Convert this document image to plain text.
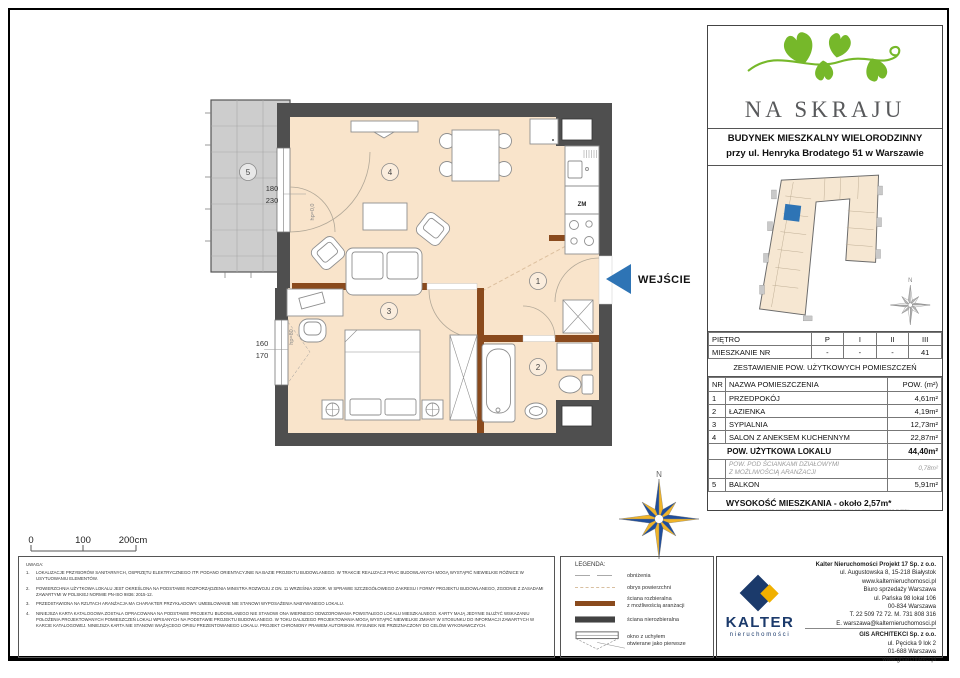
5	4
1
3
2
180
230
160
170
hp=0,0
hp=80
ZM
WEJŚCIE
N
0	100	200cm
NA SKRAJU
BUDYNEK MIESZKALNY WIELORODZINNY
przy ul. Henryka Brodatego 51 w Warszawie
N
PIĘTRO	P	I	II	III
MIESZKANIE NR	-	-	-	41
ZESTAWIENIE POW. UŻYTKOWYCH POMIESZCZEŃ
NR	NAZWA POMIESZCZENIA	POW. (m²)
1	PRZEDPOKÓJ	4,61m²
2	ŁAZIENKA	4,19m²
3	SYPIALNIA	12,73m²
4	SALON Z ANEKSEM KUCHENNYM	22,87m²
POW. UŻYTKOWA LOKALU		44,40m²

	POW. POD ŚCIANKAMI DZIAŁOWYMI
Z MOŻLIWOŚCIĄ ARANŻACJI	0,78m²
5	BALKON	5,91m²
WYSOKOŚĆ MIESZKANIA - około 2,57m*
* WYSOKOŚĆ PODANA OD NIEWYKOŃCZONEJ POSADZKI (SZLICHTY) DO OTYNKOWANEGO SUFITU
UWAGA:
1.	LOKALIZACJE PRZYBORÓW SANITARNYCH, OSPRZĘTU ELEKTRYCZNEGO ITP. PODANO ORIENTACYJNIE NA BAZIE PROJEKTU BUDOWLANEGO. W TRAKCIE REALIZACJI PRAC BUDOWLANYCH MOGĄ WYSTĄPIĆ NIEWIELKIE RÓŻNICE W USYTUOWANIU ELEMENTÓW.
2.	POWIERZCHNIA UŻYTKOWA LOKALU JEST OKREŚLONA NA PODSTAWIE ROZPORZĄDZENIA MINISTRA ROZWOJU Z DN. 11 WRZEŚNIA 2020R. W SPRAWIE SZCZEGÓŁOWEGO ZAKRESU I FORMY PROJEKTU BUDOWLANEGO, ZGODNIE Z ZASADAMI ZAWARTYMI W POLSKIEJ NORMIE PN-ISO 9836: 2015-12.
3.	PRZEDSTAWIONA NA RZUTACH ARANŻACJA MA CHARAKTER PRZYKŁADOWY. UMEBLOWANIE NIE STANOWI WYPOSAŻENIA NABYWANEGO LOKALU.
4.	NINIEJSZA KARTA KATALOGOWA ZOSTAŁA OPRACOWANA NA PODSTAWIE PROJEKTU BUDOWLANEGO NIE STANOWI ONA WIERNEGO ODWZOROWANIA POWSTAŁEGO LOKALU MIESZKALNEGO. KARTY MAJĄ JEDYNIE SŁUŻYĆ WSKAZANIU POŁOŻENIA PROJEKTOWANYCH POMIESZCZEŃ LOKALI WPISANYCH NA PODSTAWIE PROJEKTU BUDOWLANEGO. W TOKU DALSZEGO PROJEKTOWANIA MOGĄ WYSTĄPIĆ NIEWIELKIE ZMIANY W STOSUNKU DO INFORMACJI ZAWARTYCH W KARCIE KATALOGOWEJ. NINIEJSZA KARTA NIE STANOWI WIĄŻĄCEGO OPISU PREZENTOWANEGO LOKALU. PROJEKT CHRONIONY PRAWEM AUTORSKIM. RYSUNEK NIE PRZEZNACZONY DO CELÓW WYKONAWCZYCH.
LEGENDA:
obniżenia
obrys powierzchni
ściana rozbieralna
z możliwością aranżacji
ściana nierozbieralna
okno z uchyłem
otwierane jako pierwsze
KALTER
nieruchomości
Kalter Nieruchomości Projekt 17 Sp. z o.o.
ul. Augustowska 8, 15-218 Białystok
www.kalternieruchomosci.pl
Biuro sprzedaży Warszawa
ul. Pańska 98 lokal 106
00-834 Warszawa
T. 22 509 72 72. M. 731 808 316
E. warszawa@kalternieruchomosci.pl
GIS ARCHITEKCI Sp. z o.o.
ul. Pęcicka 9 lok 2
01-688 Warszawa
www.gisarchitekci.pl
